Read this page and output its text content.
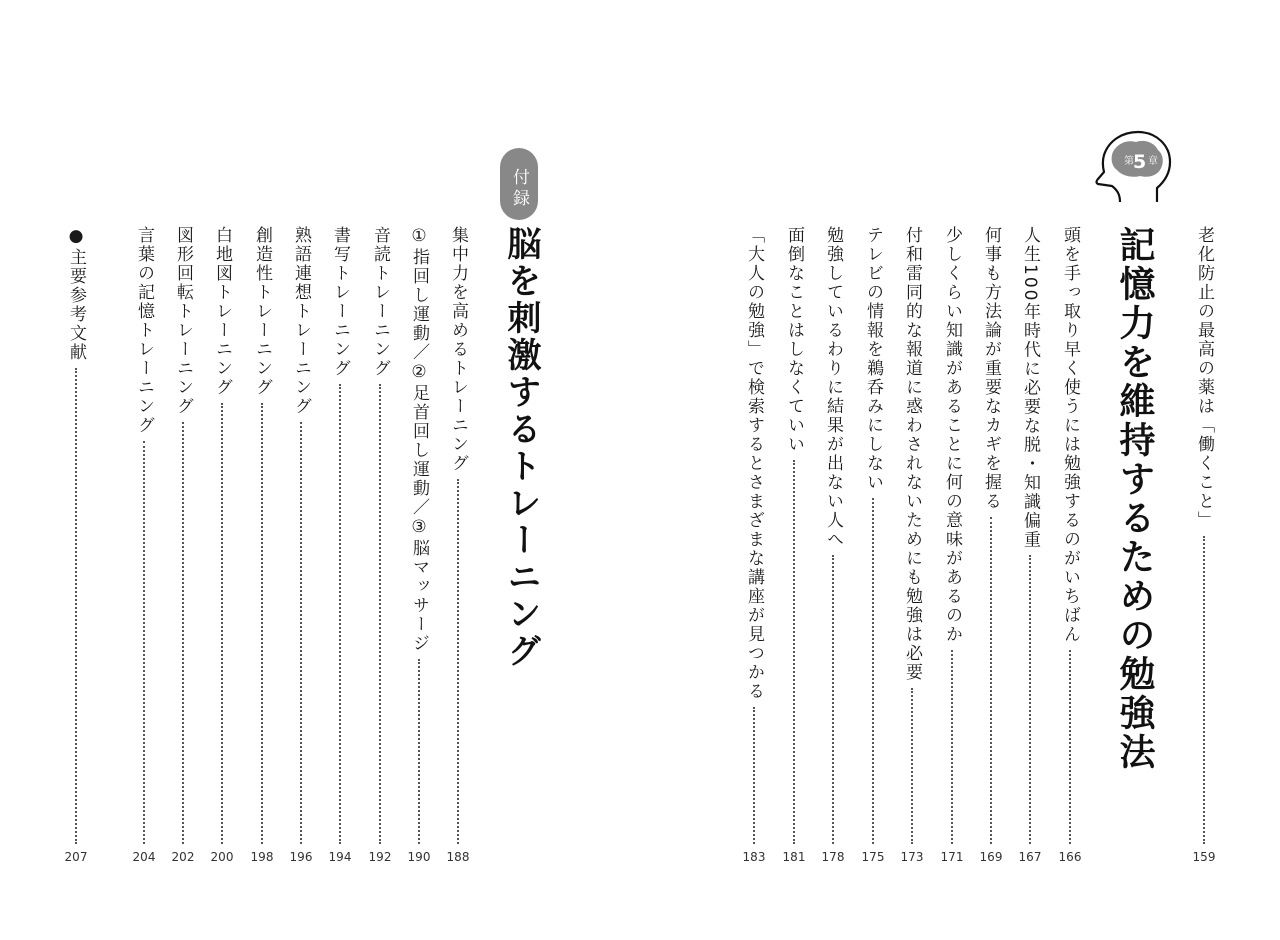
第 5 章
記憶力を維持するための勉強法 老化防止の最高の薬は「働くこと」
159
頭を手っ取り早く使うには勉強するのがいちばん
166
人生100年時代に必要な脱・知識偏重
167
何事も方法論が重要なカギを握る
169
少しくらい知識があることに何の意味があるのか
171
付和雷同的な報道に惑わされないためにも勉強は必要
173
テレビの情報を鵜呑みにしない
175
勉強しているわりに結果が出ない人へ
178
面倒なことはしなくていい
181
「大人の勉強」で検索するとさまざまな講座が見つかる
183
付録
脳を刺激するトレーニング
集中力を高めるトレーニング
188
①指回し運動／②足首回し運動／③脳マッサージ
190
音読トレーニング
192
書写トレーニング
194
熟語連想トレーニング
196
創造性トレーニング
198
白地図トレーニング
200
図形回転トレーニング
202
言葉の記憶トレーニング
204
●主要参考文献
207
